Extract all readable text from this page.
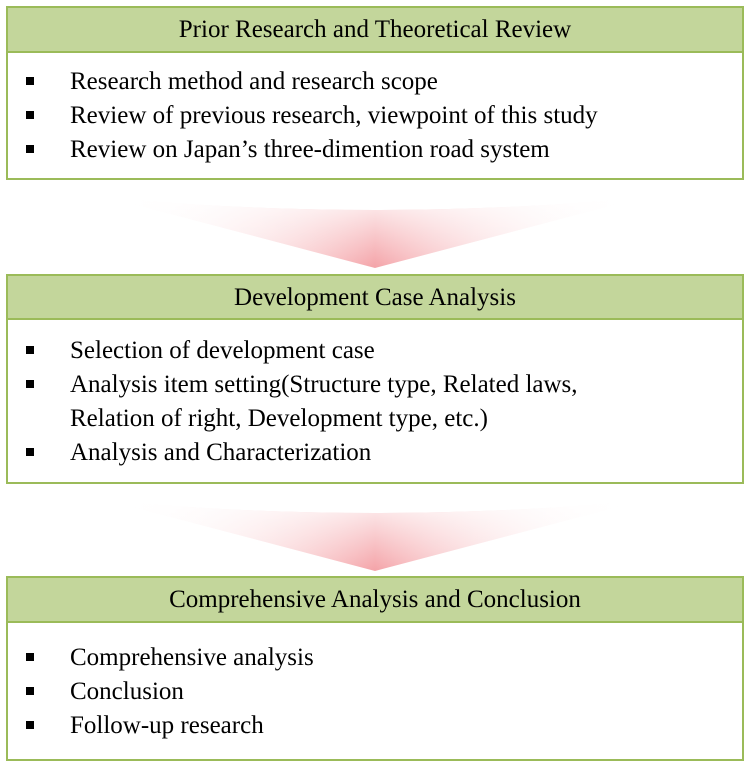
Prior Research and Theoretical Review
Research method and research scope
Review of previous research, viewpoint of this study
Review on Japan’s three-dimention road system
Development Case Analysis
Selection of development case
Analysis item setting(Structure type, Related laws,
Relation of right, Development type, etc.)
Analysis and Characterization
Comprehensive Analysis and Conclusion
Comprehensive analysis
Conclusion
Follow-up research
